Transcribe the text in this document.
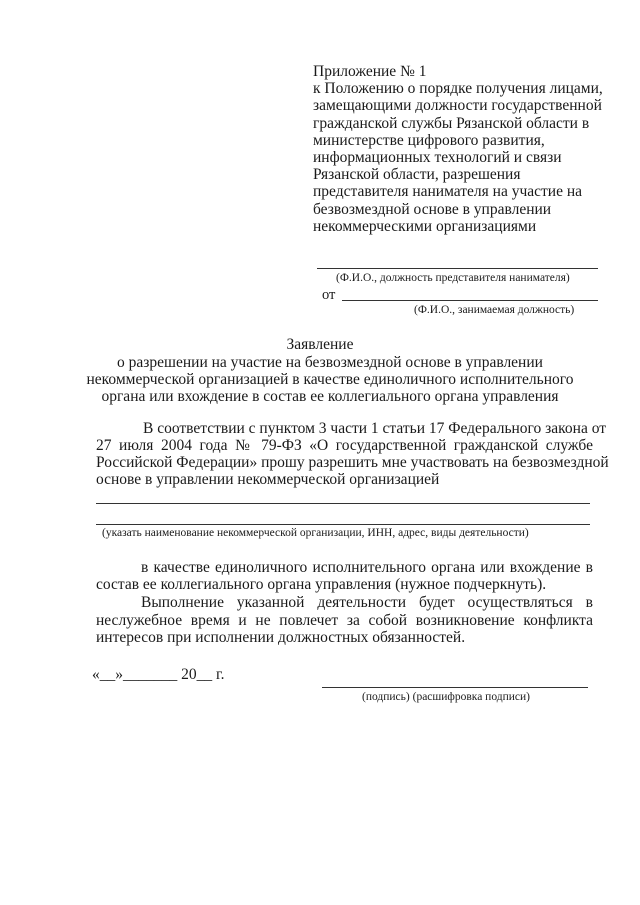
Приложение № 1
к Положению о порядке получения лицами,
замещающими должности государственной
гражданской службы Рязанской области в
министерстве цифрового развития,
информационных технологий и связи
Рязанской области, разрешения
представителя нанимателя на участие на
безвозмездной основе в управлении
некоммерческими организациями
(Ф.И.О., должность представителя нанимателя)
от
(Ф.И.О., занимаемая должность)
Заявление
о разрешении на участие на безвозмездной основе в управлении
некоммерческой организацией в качестве единоличного исполнительного
органа или вхождение в состав ее коллегиального органа управления
В соответствии с пунктом 3 части 1 статьи 17 Федерального закона от
27 июля 2004 года № 79-ФЗ «О государственной гражданской службе
Российской Федерации» прошу разрешить мне участвовать на безвозмездной
основе в управлении некоммерческой организацией
(указать наименование некоммерческой организации, ИНН, адрес, виды деятельности)
в качестве единоличного исполнительного органа или вхождение в
состав ее коллегиального органа управления (нужное подчеркнуть).
Выполнение указанной деятельности будет осуществляться в
неслужебное время и не повлечет за собой возникновение конфликта
интересов при исполнении должностных обязанностей.
«__»_______ 20__ г.
(подпись) (расшифровка подписи)
